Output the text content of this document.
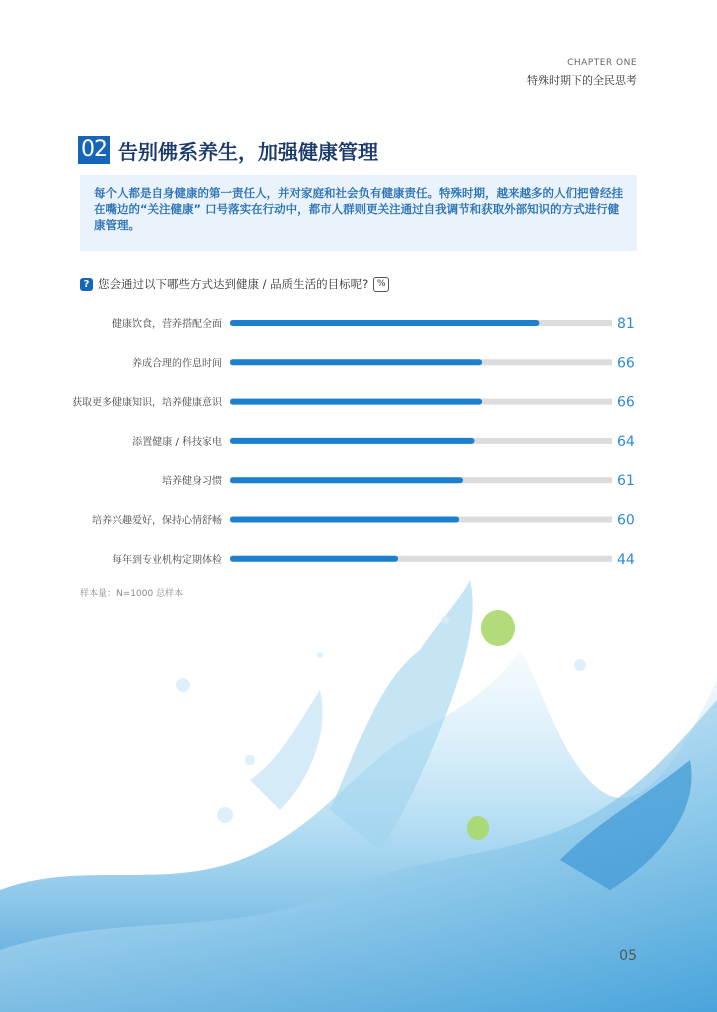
CHAPTER ONE
特殊时期下的全民思考
02 告别佛系养生，加强健康管理
每个人都是自身健康的第一责任人，并对家庭和社会负有健康责任。特殊时期，越来越多的人们把曾经挂在嘴边的“关注健康” 口号落实在行动中，都市人群则更关注通过自我调节和获取外部知识的方式进行健康管理。
? 您会通过以下哪些方式达到健康 / 品质生活的目标呢? %
健康饮食，营养搭配全面	81
养成合理的作息时间	66
获取更多健康知识，培养健康意识	66
添置健康 / 科技家电	64
培养健身习惯	61
培养兴趣爱好，保持心情舒畅	60
每年到专业机构定期体检	44
样本量：N=1000 总样本
05
